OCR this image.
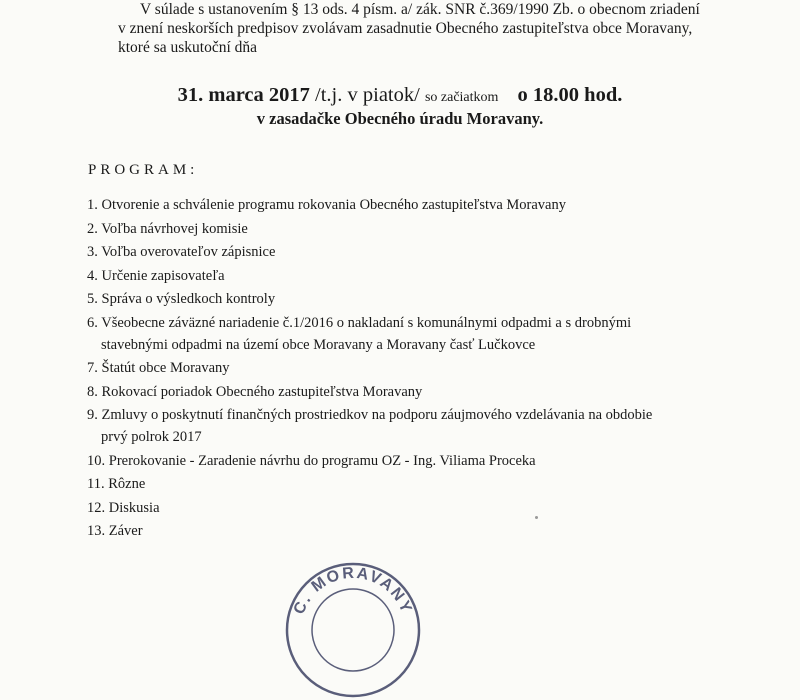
V súlade s ustanovením § 13 ods. 4 písm. a/ zák. SNR č.369/1990 Zb. o obecnom zriadení
v znení neskorších predpisov zvolávam zasadnutie Obecného zastupiteľstva obce Moravany,
ktoré sa uskutoční dňa
31. marca 2017 /t.j. v piatok/ so začiatkom o 18.00 hod.
v zasadačke Obecného úradu Moravany.
PROGRAM:
1. Otvorenie a schválenie programu rokovania Obecného zastupiteľstva Moravany
2. Voľba návrhovej komisie
3. Voľba overovateľov zápisnice
4. Určenie zapisovateľa
5. Správa o výsledkoch kontroly
6. Všeobecne záväzné nariadenie č.1/2016 o nakladaní s komunálnymi odpadmi a s drobnými
stavebnými odpadmi na území obce Moravany a Moravany časť Lučkovce
7. Štatút obce Moravany
8. Rokovací poriadok Obecného zastupiteľstva Moravany
9. Zmluvy o poskytnutí finančných prostriedkov na podporu záujmového vzdelávania na obdobie
prvý polrok 2017
10. Prerokovanie - Zaradenie návrhu do programu OZ - Ing. Viliama Proceka
11. Rôzne
12. Diskusia
13. Záver
C. MORAVANY
